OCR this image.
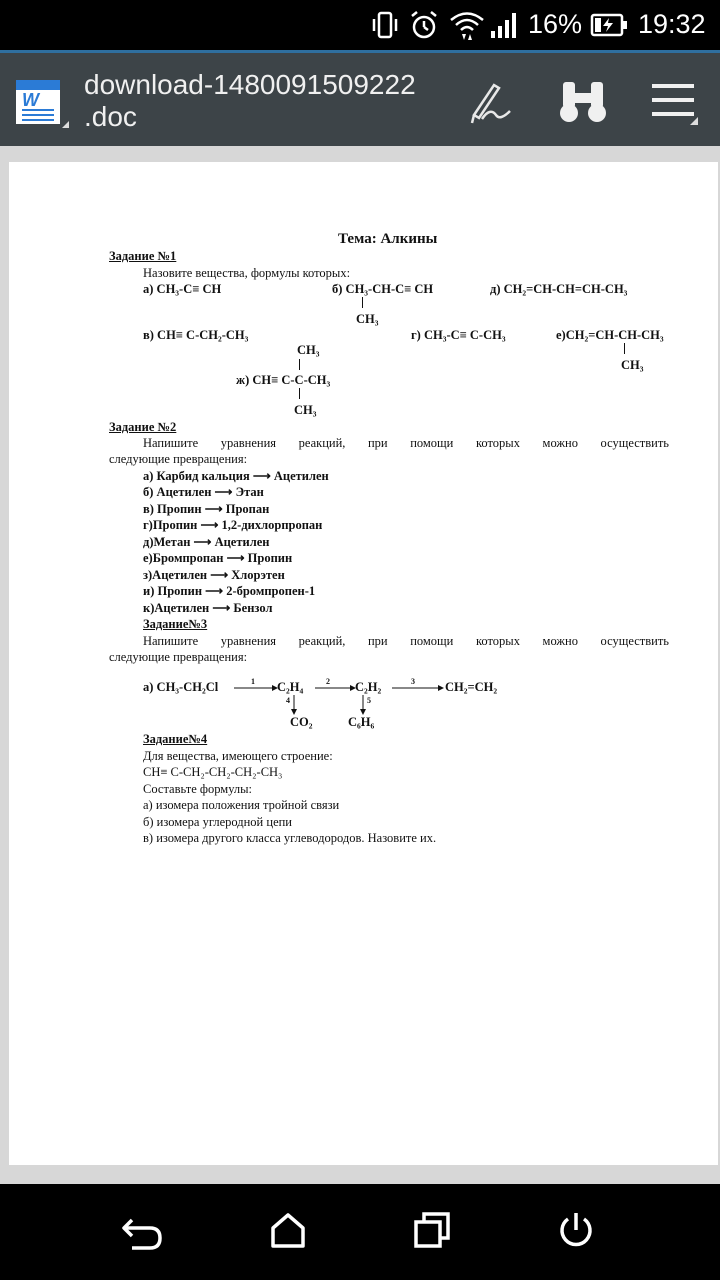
16% 19:32
W download-1480091509222
.doc
Тема: Алкины
Задание №1
Назовите вещества, формулы которых:
а) CH₃-C≡ CH	б) CH₃-CH-C≡ CH
CH₃
д) CH₂=CH-CH=CH-CH₃
в) CH≡ C-CH₂-CH₃	г) CH₃-C≡ C-CH₃	е)CH₂=CH-CH-CH₃
CH₃
CH₃
ж) CH≡ C-C-CH₃
CH₃
Задание №2
Напишите уравнения реакций, при помощи которых можно осуществить
следующие превращения:
а) Карбид кальция ⟶ Ацетилен
б) Ацетилен ⟶ Этан
в) Пропин ⟶ Пропан
г)Пропин ⟶ 1,2-дихлорпропан
д)Метан ⟶ Ацетилен
е)Бромпропан ⟶ Пропин
з)Ацетилен ⟶ Хлорэтен
и) Пропин ⟶ 2-бромпропен-1
к)Ацетилен ⟶ Бензол
Задание№3
Напишите уравнения реакций, при помощи которых можно осуществить
следующие превращения:
а) CH₃-CH₂Cl	1 C₂H₄	2 C₂H₂	3 CH₂=CH₂
4	5
CO₂	C₆H₆
Задание№4
Для вещества, имеющего строение:
CH≡ C-CH₂-CH₂-CH₂-CH₃
Составьте формулы:
а) изомера положения тройной связи
б) изомера углеродной цепи
в) изомера другого класса углеводородов. Назовите их.
